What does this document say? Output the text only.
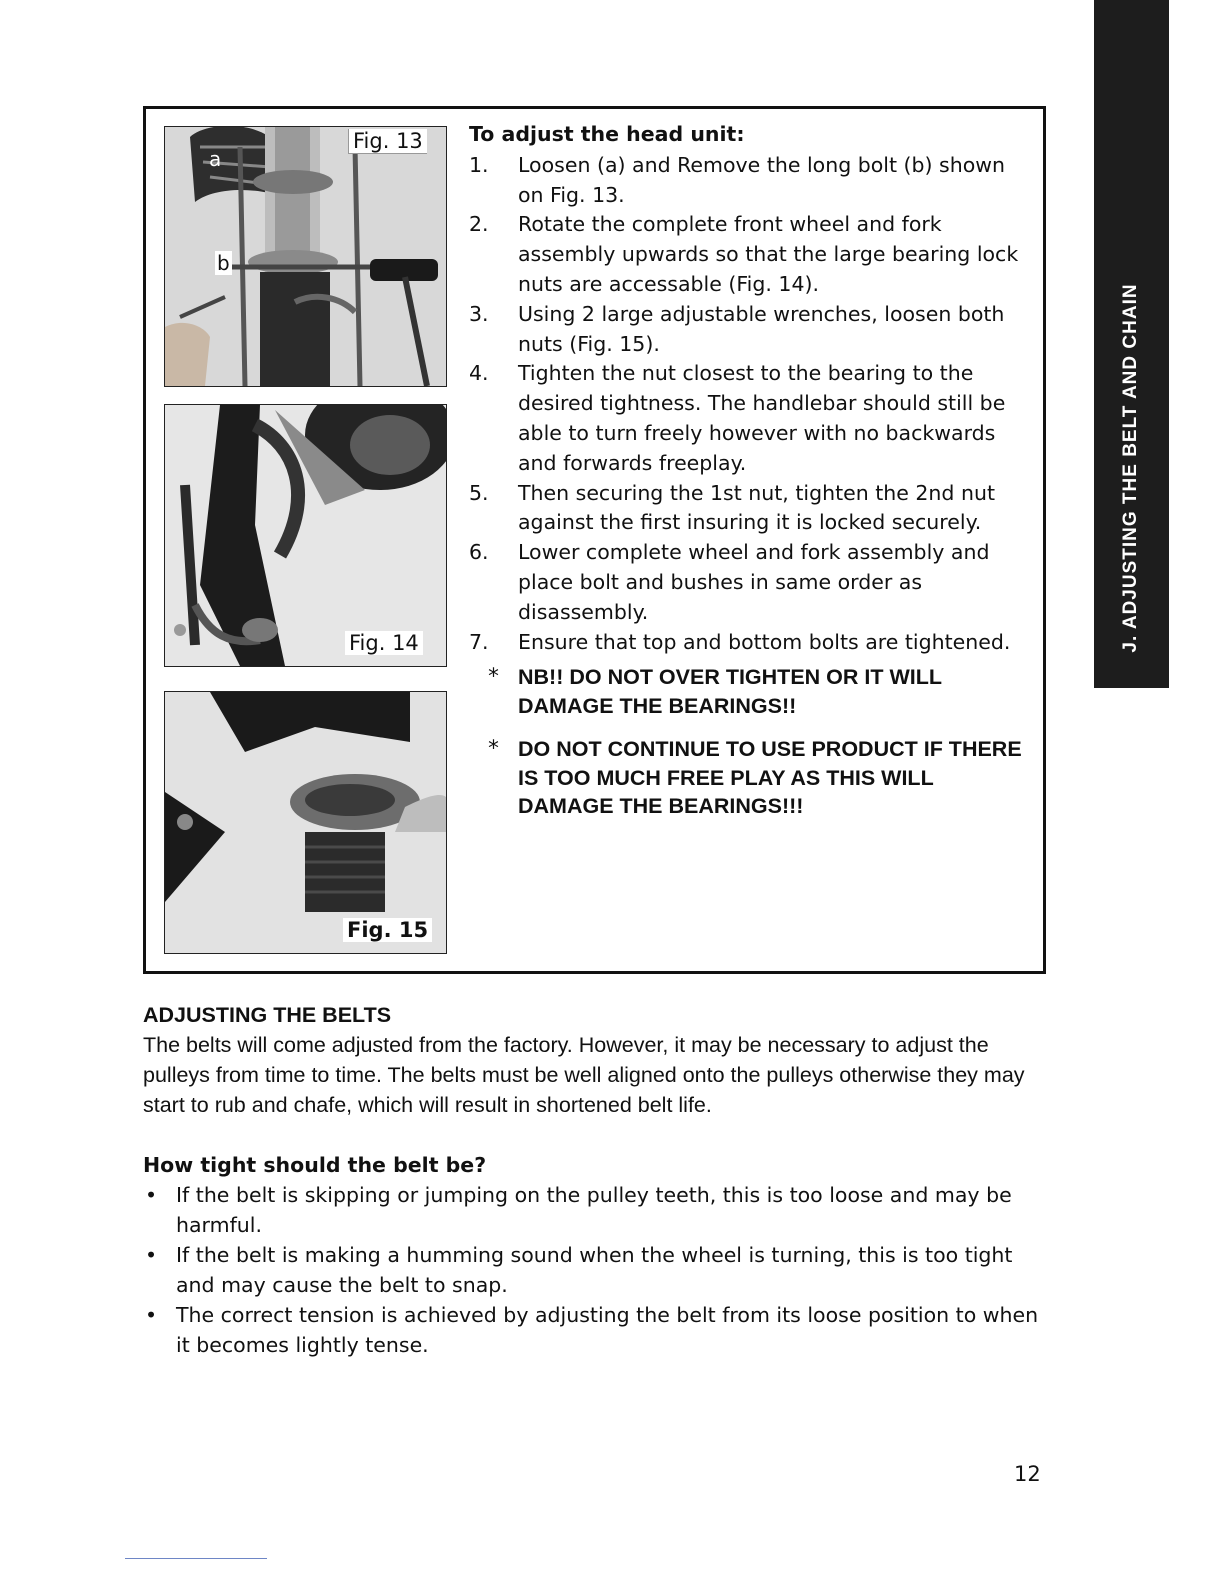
J. ADJUSTING THE BELT AND CHAIN
Fig. 13
a
b
Fig. 14
Fig. 15
To adjust the head unit:
1.	Loosen (a) and Remove the long bolt (b) shown on Fig. 13.
2.	Rotate the complete front wheel and fork assembly upwards so that the large bearing lock nuts are accessable (Fig. 14).
3.	Using 2 large adjustable wrenches, loosen both nuts (Fig. 15).
4.	Tighten the nut closest to the bearing to the desired tightness. The handlebar should still be able to turn freely however with no backwards and forwards freeplay.
5.	Then securing the 1st nut, tighten the 2nd nut against the first insuring it is locked securely.
6.	Lower complete wheel and fork assembly and place bolt and bushes in same order as disassembly.
7.	Ensure that top and bottom bolts are tightened.
* NB!! DO NOT OVER TIGHTEN OR IT WILL DAMAGE THE BEARINGS!!
* DO NOT CONTINUE TO USE PRODUCT IF THERE IS TOO MUCH FREE PLAY AS THIS WILL DAMAGE THE BEARINGS!!!
ADJUSTING THE BELTS

The belts will come adjusted from the factory. However, it may be necessary to adjust the pulleys from time to time. The belts must be well aligned onto the pulleys otherwise they may start to rub and chafe, which will result in shortened belt life.

How tight should the belt be?
• If the belt is skipping or jumping on the pulley teeth, this is too loose and may be harmful.
• If the belt is making a humming sound when the wheel is turning, this is too tight and may cause the belt to snap.
• The correct tension is achieved by adjusting the belt from its loose position to when it becomes lightly tense.
12
